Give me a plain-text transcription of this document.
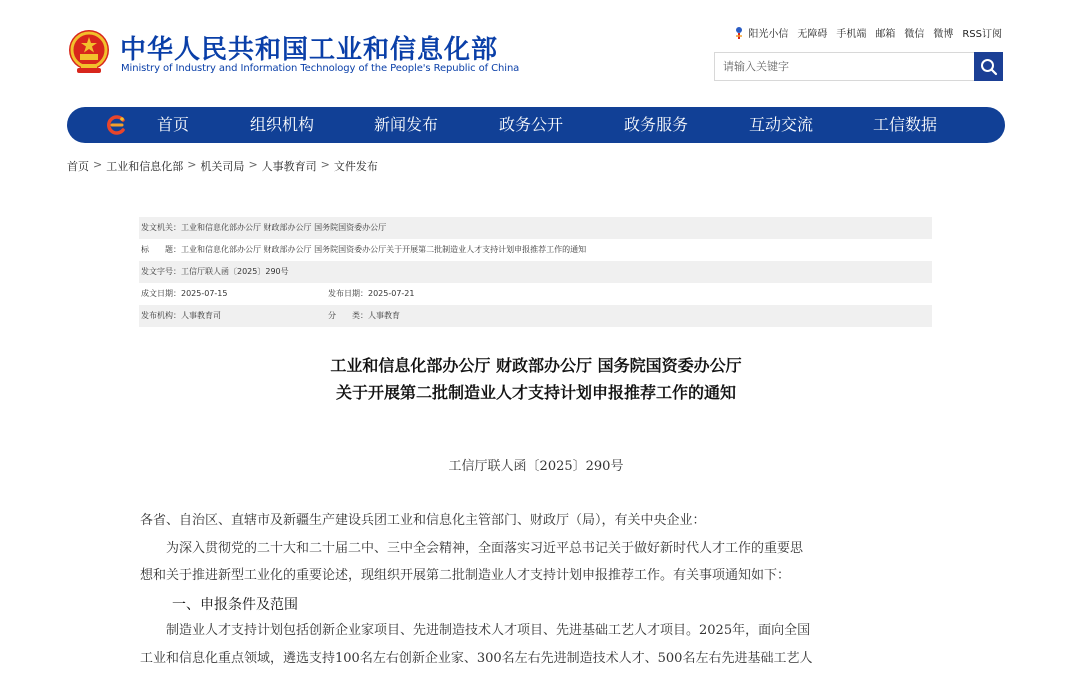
中华人民共和国工业和信息化部
Ministry of Industry and Information Technology of the People's Republic of China
阳光小信 无障碍 手机端 邮箱 微信 微博 RSS订阅
请输入关键字
首页	组织机构	新闻发布	政务公开	政务服务	互动交流	工信数据
首页 > 工业和信息化部 > 机关司局 > 人事教育司 > 文件发布
发文机关：工业和信息化部办公厅 财政部办公厅 国务院国资委办公厅
标　　题：工业和信息化部办公厅 财政部办公厅 国务院国资委办公厅关于开展第二批制造业人才支持计划申报推荐工作的通知
发文字号：工信厅联人函〔2025〕290号
成文日期：2025-07-15	发布日期：2025-07-21
发布机构：人事教育司	分　　类：人事教育
工业和信息化部办公厅 财政部办公厅 国务院国资委办公厅
关于开展第二批制造业人才支持计划申报推荐工作的通知
工信厅联人函〔2025〕290号
各省、自治区、直辖市及新疆生产建设兵团工业和信息化主管部门、财政厅（局），有关中央企业：
　　为深入贯彻党的二十大和二十届二中、三中全会精神，全面落实习近平总书记关于做好新时代人才工作的重要思
想和关于推进新型工业化的重要论述，现组织开展第二批制造业人才支持计划申报推荐工作。有关事项通知如下：
一、申报条件及范围
　　制造业人才支持计划包括创新企业家项目、先进制造技术人才项目、先进基础工艺人才项目。2025年，面向全国
工业和信息化重点领域，遴选支持100名左右创新企业家、300名左右先进制造技术人才、500名左右先进基础工艺人
